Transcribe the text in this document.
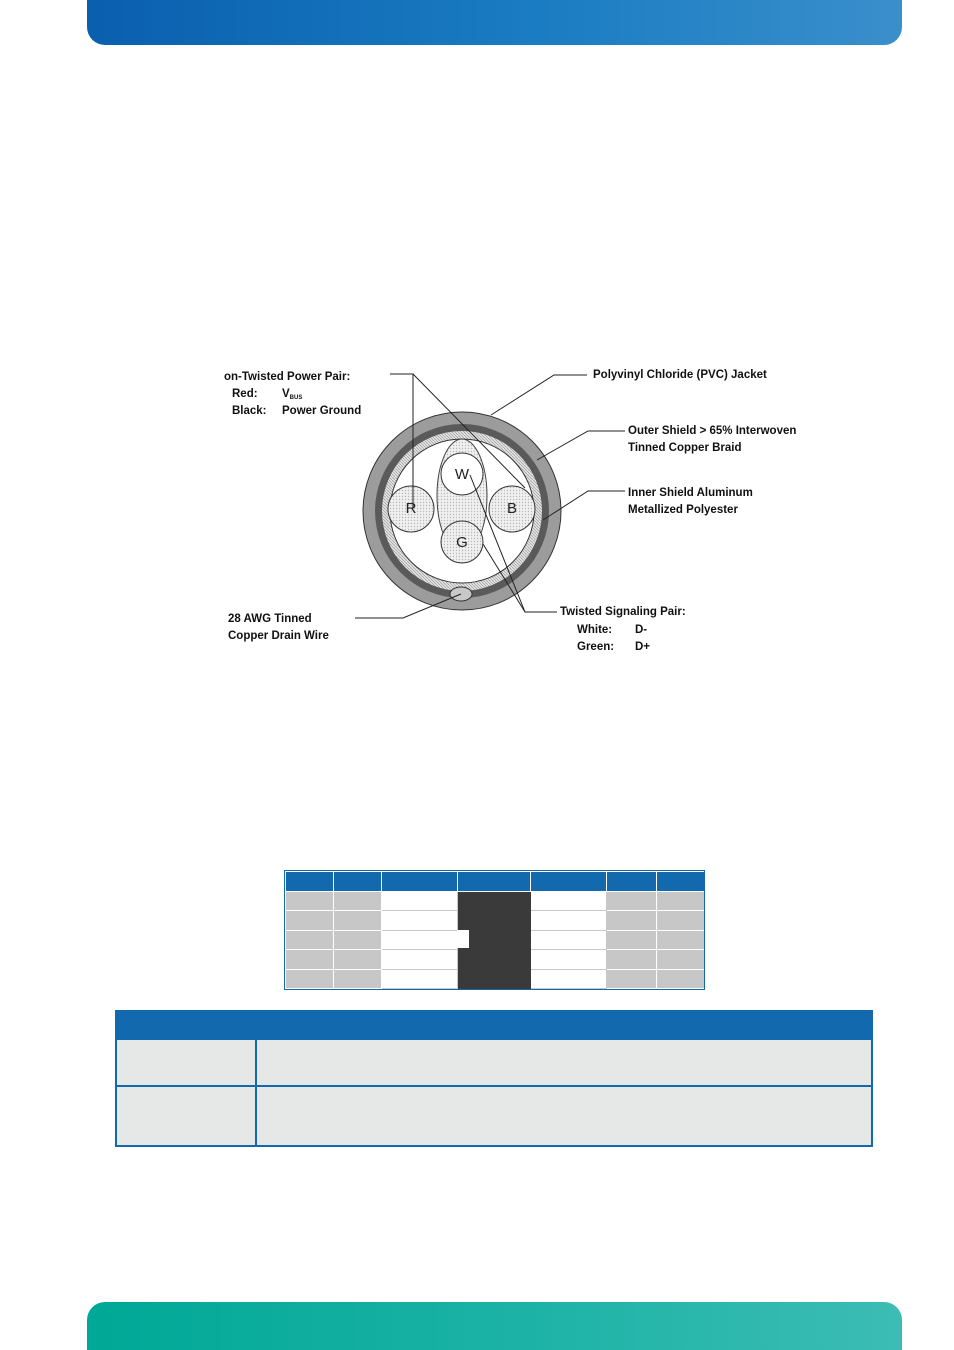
on-Twisted Power Pair:
Red: $V_{BUS}$
Black: Power Ground
Polyvinyl Chloride (PVC) Jacket
Outer Shield > 65% Interwoven
Tinned Copper Braid
Inner Shield Aluminum
Metallized Polyester
28 AWG Tinned
Copper Drain Wire
Twisted Signaling Pair:
White: D-
Green: D+
R
W
B
G
